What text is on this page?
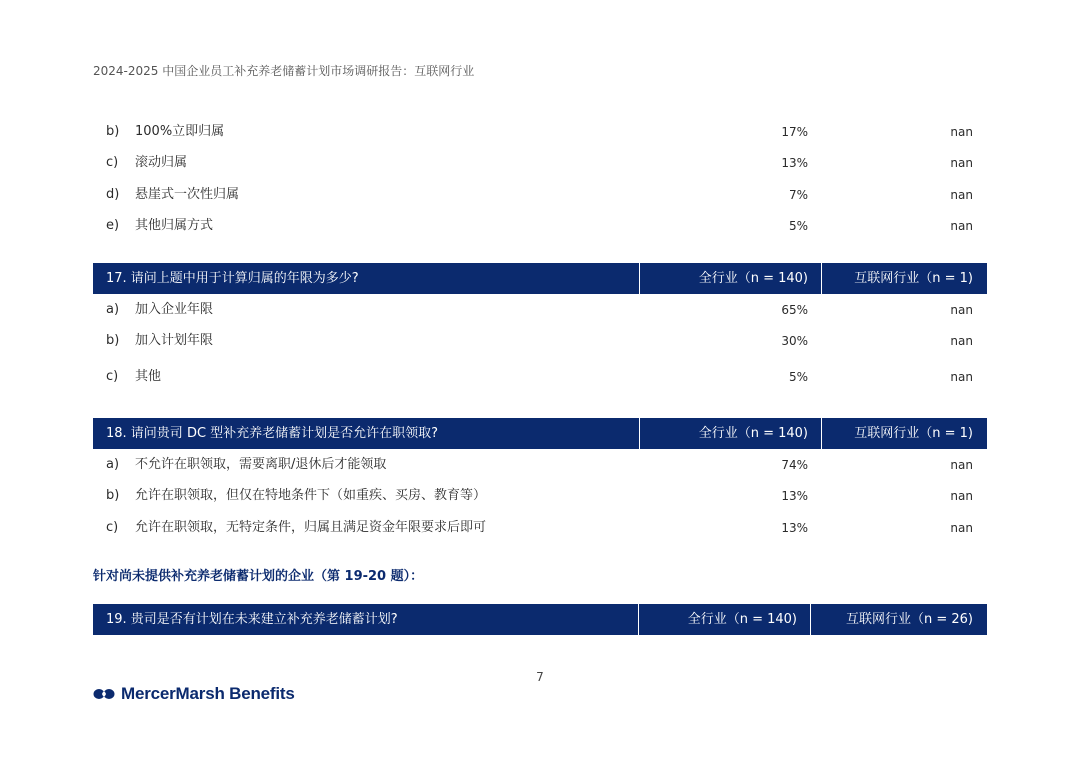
2024-2025 中国企业员工补充养老储蓄计划市场调研报告：互联网行业
b) 100%立即归属	17%	nan
c) 滚动归属	13%	nan
d) 悬崖式一次性归属	7%	nan
e) 其他归属方式	5%	nan
17. 请问上题中用于计算归属的年限为多少?	全行业（n = 140)	互联网行业（n = 1)
a) 加入企业年限	65%	nan
b) 加入计划年限	30%	nan
c) 其他	5%	nan
18. 请问贵司 DC 型补充养老储蓄计划是否允许在职领取?	全行业（n = 140)	互联网行业（n = 1)
a) 不允许在职领取，需要离职/退休后才能领取	74%	nan
b) 允许在职领取，但仅在特地条件下（如重疾、买房、教育等）	13%	nan
c) 允许在职领取，无特定条件，归属且满足资金年限要求后即可	13%	nan
针对尚未提供补充养老储蓄计划的企业（第 19-20 题）：
19. 贵司是否有计划在未来建立补充养老储蓄计划?	全行业（n = 140)	互联网行业（n = 26)
7
MercerMarsh Benefits
